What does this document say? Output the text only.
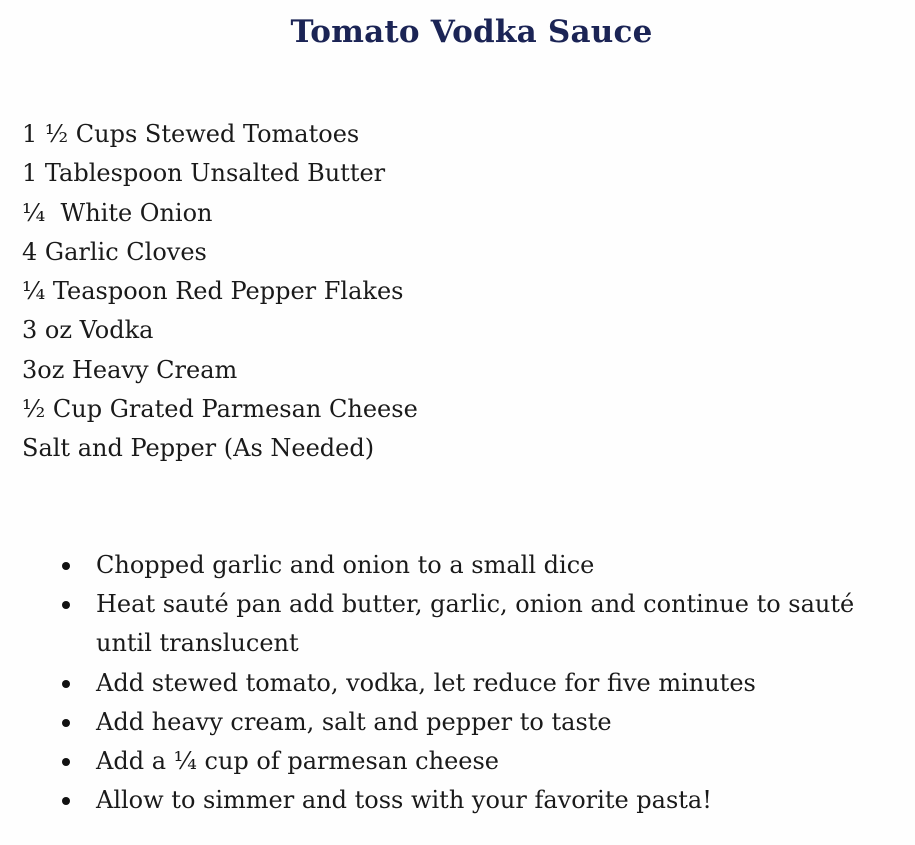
Tomato Vodka Sauce
1 ½ Cups Stewed Tomatoes
1 Tablespoon Unsalted Butter
¼  White Onion
4 Garlic Cloves
¼ Teaspoon Red Pepper Flakes
3 oz Vodka
3oz Heavy Cream
½ Cup Grated Parmesan Cheese
Salt and Pepper (As Needed)
Chopped garlic and onion to a small dice
Heat sauté pan add butter, garlic, onion and continue to sauté until translucent
Add stewed tomato, vodka, let reduce for five minutes
Add heavy cream, salt and pepper to taste
Add a ¼ cup of parmesan cheese
Allow to simmer and toss with your favorite pasta!
